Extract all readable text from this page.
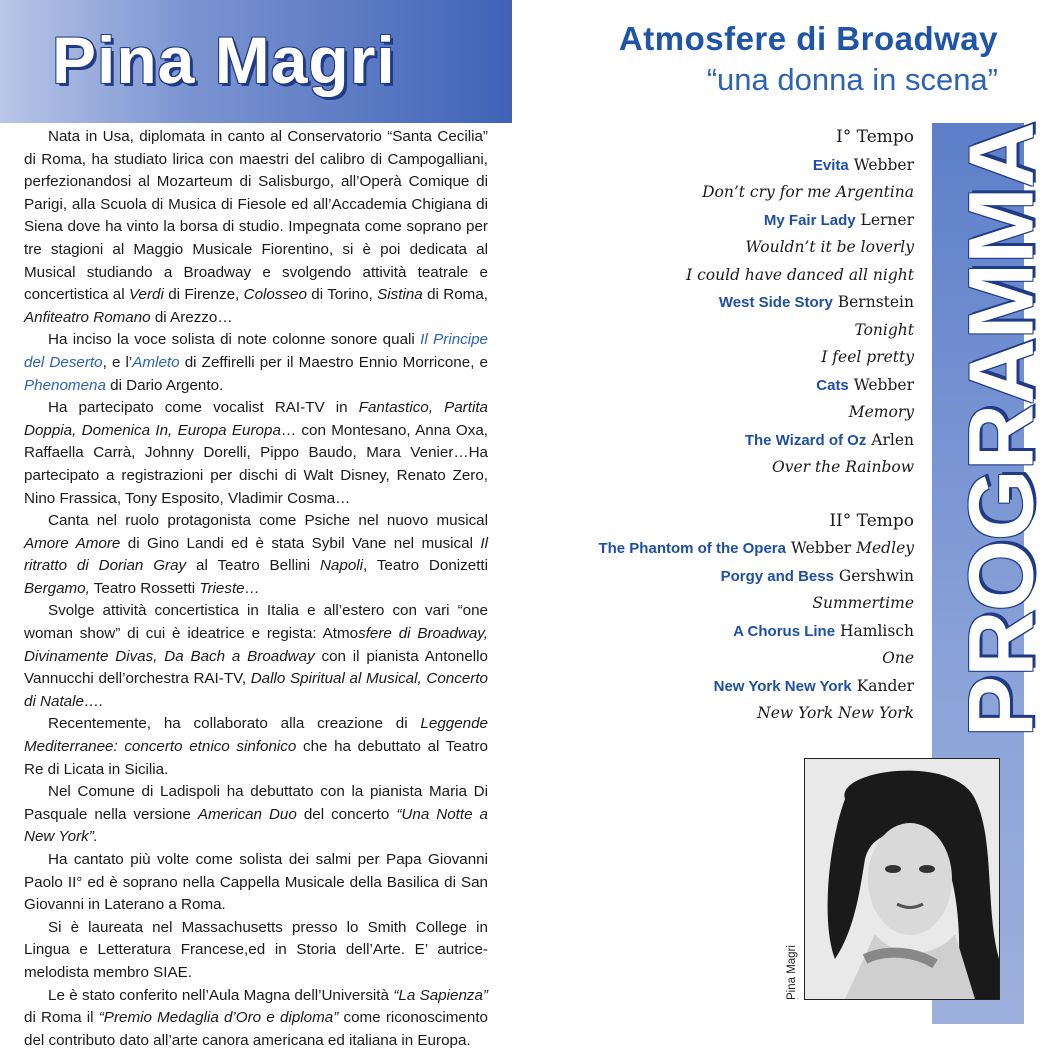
Pina Magri	Atmosfere di Broadway
“una donna in scena”

Nata in Usa, diplomata in canto al Conservatorio “Santa Cecilia” di Roma, ha studiato lirica con maestri del calibro di Campogalliani, perfezionandosi al Mozarteum di Salisburgo, all’Operà Comique di Parigi, alla Scuola di Musica di Fiesole ed all’Accademia Chigiana di Siena dove ha vinto la borsa di studio. Impegnata come soprano per tre stagioni al Maggio Musicale Fiorentino, si è poi dedicata al Musical studiando a Broadway e svolgendo attività teatrale e concertistica al Verdi di Firenze, Colosseo di Torino, Sistina di Roma, Anfiteatro Romano di Arezzo…

Ha inciso la voce solista di note colonne sonore quali Il Principe del Deserto, e l’Amleto di Zeffirelli per il Maestro Ennio Morricone, e Phenomena di Dario Argento.

Ha partecipato come vocalist RAI-TV in Fantastico, Partita Doppia, Domenica In, Europa Europa… con Montesano, Anna Oxa, Raffaella Carrà, Johnny Dorelli, Pippo Baudo, Mara Venier…Ha partecipato a registrazioni per dischi di Walt Disney, Renato Zero, Nino Frassica, Tony Esposito, Vladimir Cosma…

Canta nel ruolo protagonista come Psiche nel nuovo musical Amore Amore di Gino Landi ed è stata Sybil Vane nel musical Il ritratto di Dorian Gray al Teatro Bellini Napoli, Teatro Donizetti Bergamo, Teatro Rossetti Trieste…

Svolge attività concertistica in Italia e all’estero con vari “one woman show” di cui è ideatrice e regista: Atmosfere di Broadway, Divinamente Divas, Da Bach a Broadway con il pianista Antonello Vannucchi dell’orchestra RAI-TV, Dallo Spiritual al Musical, Concerto di Natale….

Recentemente, ha collaborato alla creazione di Leggende Mediterranee: concerto etnico sinfonico che ha debuttato al Teatro Re di Licata in Sicilia.

Nel Comune di Ladispoli ha debuttato con la pianista Maria Di Pasquale nella versione American Duo del concerto “Una Notte a New York”.

Ha cantato più volte come solista dei salmi per Papa Giovanni Paolo II° ed è soprano nella Cappella Musicale della Basilica di San Giovanni in Laterano a Roma.

Si è laureata nel Massachusetts presso lo Smith College in Lingua e Letteratura Francese,ed in Storia dell’Arte. E’ autrice-melodista membro SIAE.

Le è stato conferito nell’Aula Magna dell’Università “La Sapienza” di Roma il “Premio Medaglia d’Oro e diploma” come riconoscimento del contributo dato all’arte canora americana ed italiana in Europa.

PROGRAMMA
I° Tempo
Evita Webber
Don’t cry for me Argentina
My Fair Lady Lerner
Wouldn’t it be loverly
I could have danced all night
West Side Story Bernstein
Tonight
I feel pretty
Cats Webber
Memory
The Wizard of Oz Arlen
Over the Rainbow
II° Tempo
The Phantom of the Opera Webber Medley
Porgy and Bess Gershwin
Summertime
A Chorus Line Hamlisch
One
New York New York Kander
New York New York
Pina Magri
